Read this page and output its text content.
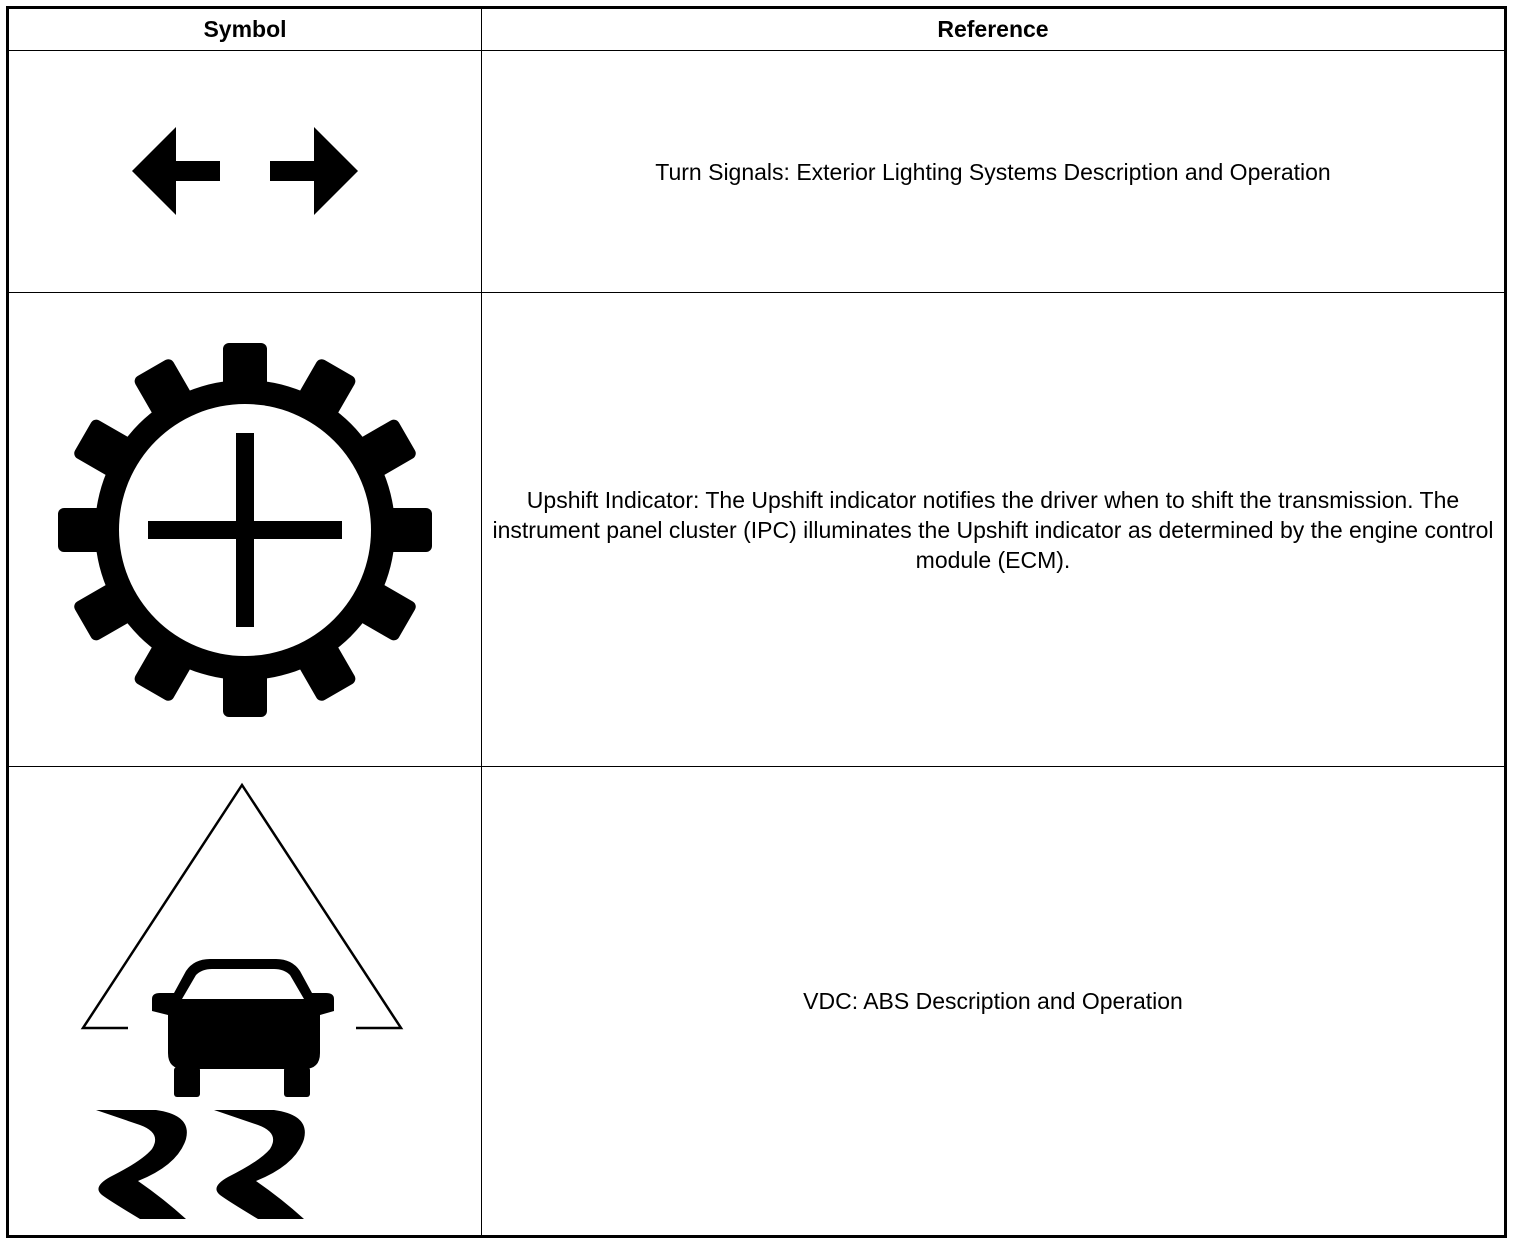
Symbol	Reference
Turn Signals: Exterior Lighting Systems Description and Operation
Upshift Indicator: The Upshift indicator notifies the driver when to shift the transmission. The instrument panel cluster (IPC) illuminates the Upshift indicator as determined by the engine control module (ECM).
VDC: ABS Description and Operation
